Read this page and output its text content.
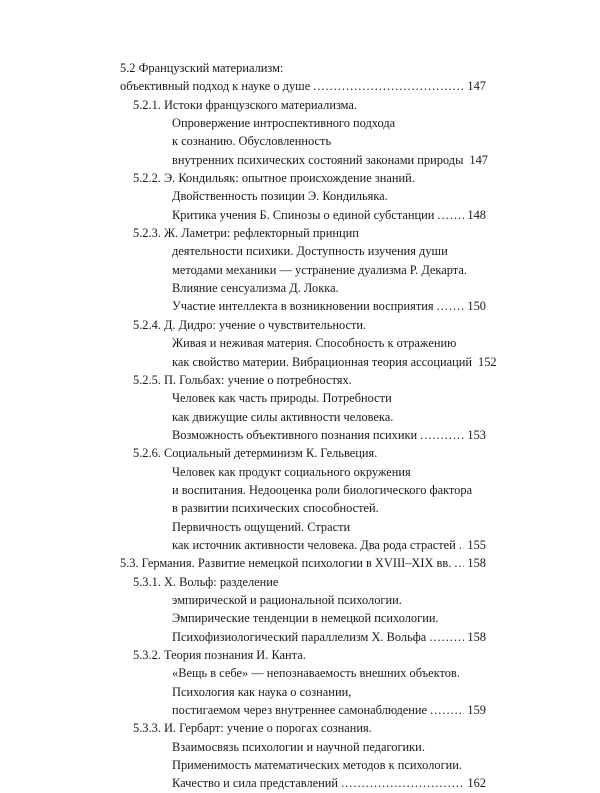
5.2 Французский материализм:
объективный подход к науке о душе .....	147
5.2.1. Истоки французского материализма.
Опровержение интроспективного подхода
к сознанию. Обусловленность
внутренних психических состояний законами природы 147
5.2.2. Э. Кондильяк: опытное происхождение знаний.
Двойственность позиции Э. Кондильяка.
Критика учения Б. Спинозы о единой субстанции .....	148
5.2.3. Ж. Ламетри: рефлекторный принцип
деятельности психики. Доступность изучения души
методами механики — устранение дуализма Р. Декарта.
Влияние сенсуализма Д. Локка.
Участие интеллекта в возникновении восприятия .....	150
5.2.4. Д. Дидро: учение о чувствительности.
Живая и неживая материя. Способность к отражению
как свойство материи. Вибрационная теория ассоциаций 152
5.2.5. П. Гольбах: учение о потребностях.
Человек как часть природы. Потребности
как движущие силы активности человека.
Возможность объективного познания психики .....	153
5.2.6. Социальный детерминизм К. Гельвеция.
Человек как продукт социального окружения
и воспитания. Недооценка роли биологического фактора
в развитии психических способностей.
Первичность ощущений. Страсти
как источник активности человека. Два рода страстей ..... 155
5.3. Германия. Развитие немецкой психологии в XVIII–XIX вв. ..... 158
5.3.1. Х. Вольф: разделение
эмпирической и рациональной психологии.
Эмпирические тенденции в немецкой психологии.
Психофизиологический параллелизм Х. Вольфа .....	158
5.3.2. Теория познания И. Канта.
«Вещь в себе» — непознаваемость внешних объектов.
Психология как наука о сознании,
постигаемом через внутреннее самонаблюдение .....	159
5.3.3. И. Гербарт: учение о порогах сознания.
Взаимосвязь психологии и научной педагогики.
Применимость математических методов к психологии.
Качество и сила представлений .....	162
